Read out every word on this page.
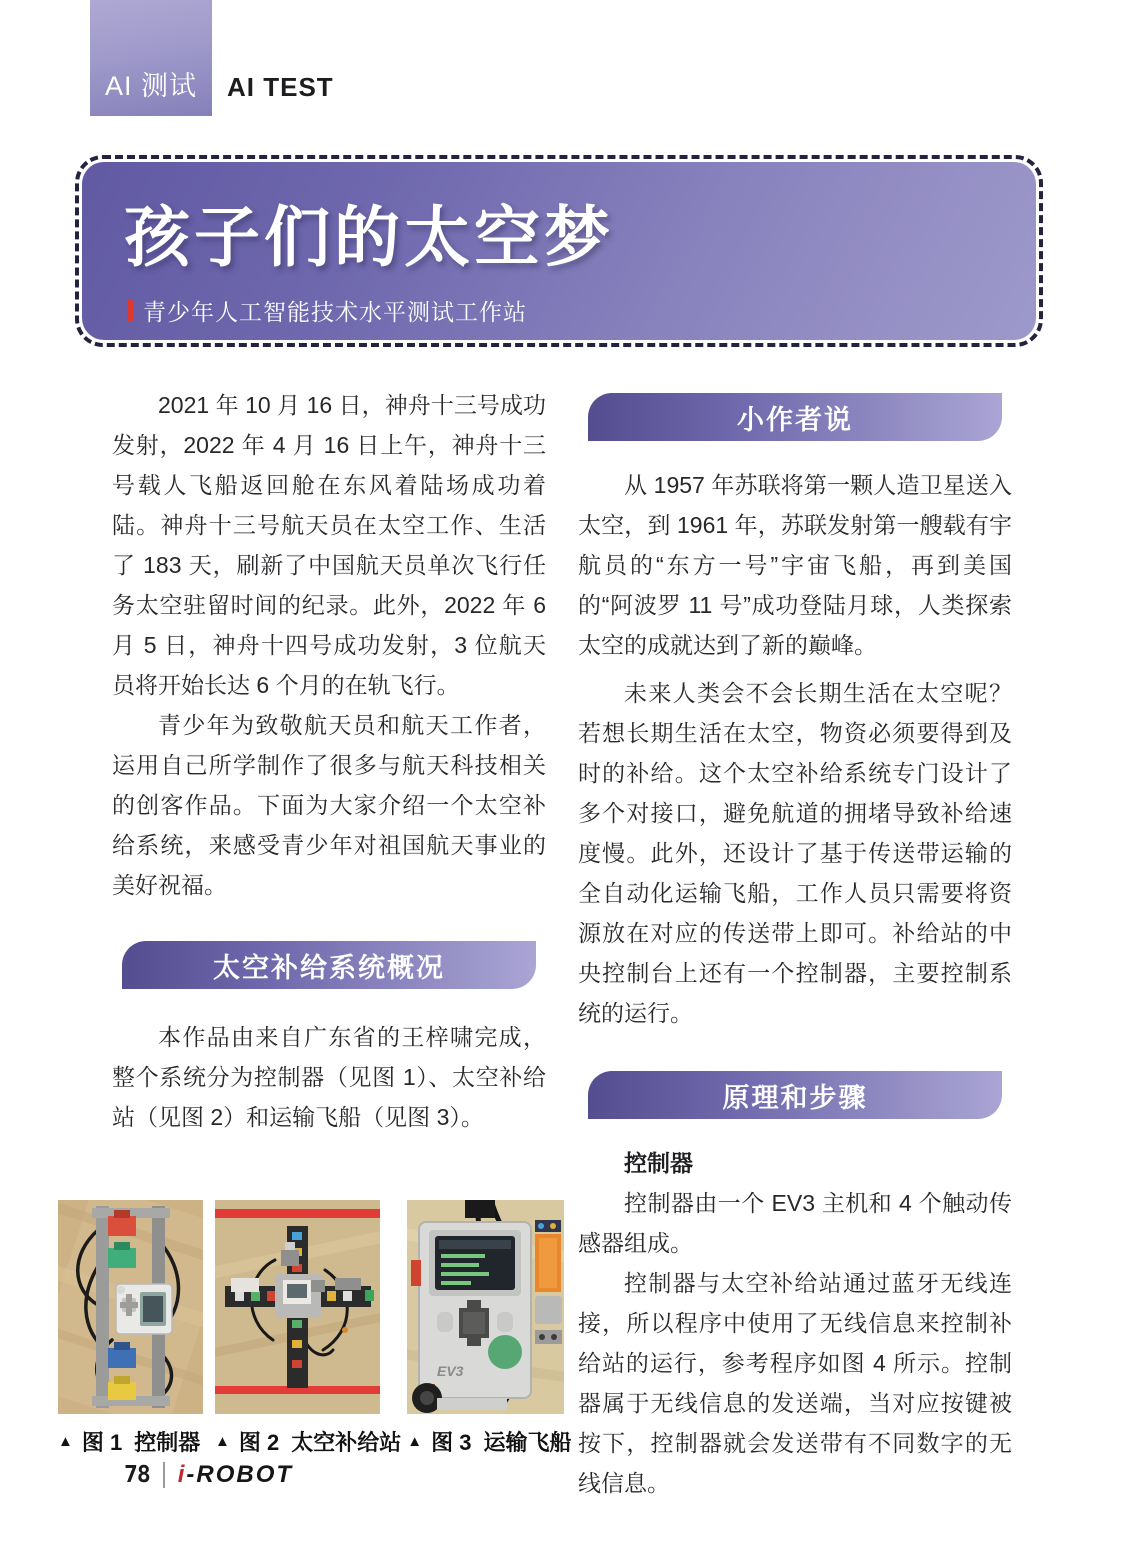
AI 测试 AI TEST
孩子们的太空梦
青少年人工智能技术水平测试工作站

2021 年 10 月 16 日，神舟十三号成功发射，2022 年 4 月 16 日上午，神舟十三号载人飞船返回舱在东风着陆场成功着陆。神舟十三号航天员在太空工作、生活了 183 天，刷新了中国航天员单次飞行任务太空驻留时间的纪录。此外，2022 年 6 月 5 日，神舟十四号成功发射，3 位航天员将开始长达 6 个月的在轨飞行。

青少年为致敬航天员和航天工作者，运用自己所学制作了很多与航天科技相关的创客作品。下面为大家介绍一个太空补给系统，来感受青少年对祖国航天事业的美好祝福。

太空补给系统概况

本作品由来自广东省的王梓啸完成，整个系统分为控制器（见图 1）、太空补给站（见图 2）和运输飞船（见图 3）。

小作者说

从 1957 年苏联将第一颗人造卫星送入太空，到 1961 年，苏联发射第一艘载有宇航员的“东方一号”宇宙飞船，再到美国的“阿波罗 11 号”成功登陆月球，人类探索太空的成就达到了新的巅峰。

未来人类会不会长期生活在太空呢？若想长期生活在太空，物资必须要得到及时的补给。这个太空补给系统专门设计了多个对接口，避免航道的拥堵导致补给速度慢。此外，还设计了基于传送带运输的全自动化运输飞船，工作人员只需要将资源放在对应的传送带上即可。补给站的中央控制台上还有一个控制器，主要控制系统的运行。

原理和步骤

控制器

控制器由一个 EV3 主机和 4 个触动传感器组成。

控制器与太空补给站通过蓝牙无线连接，所以程序中使用了无线信息来控制补给站的运行，参考程序如图 4 所示。控制器属于无线信息的发送端，当对应按键被按下，控制器就会发送带有不同数字的无线信息。

▲ 图 1 控制器 ▲ 图 2 太空补给站
EV3
▲ 图 3 运输飞船
78 i-ROBOT
